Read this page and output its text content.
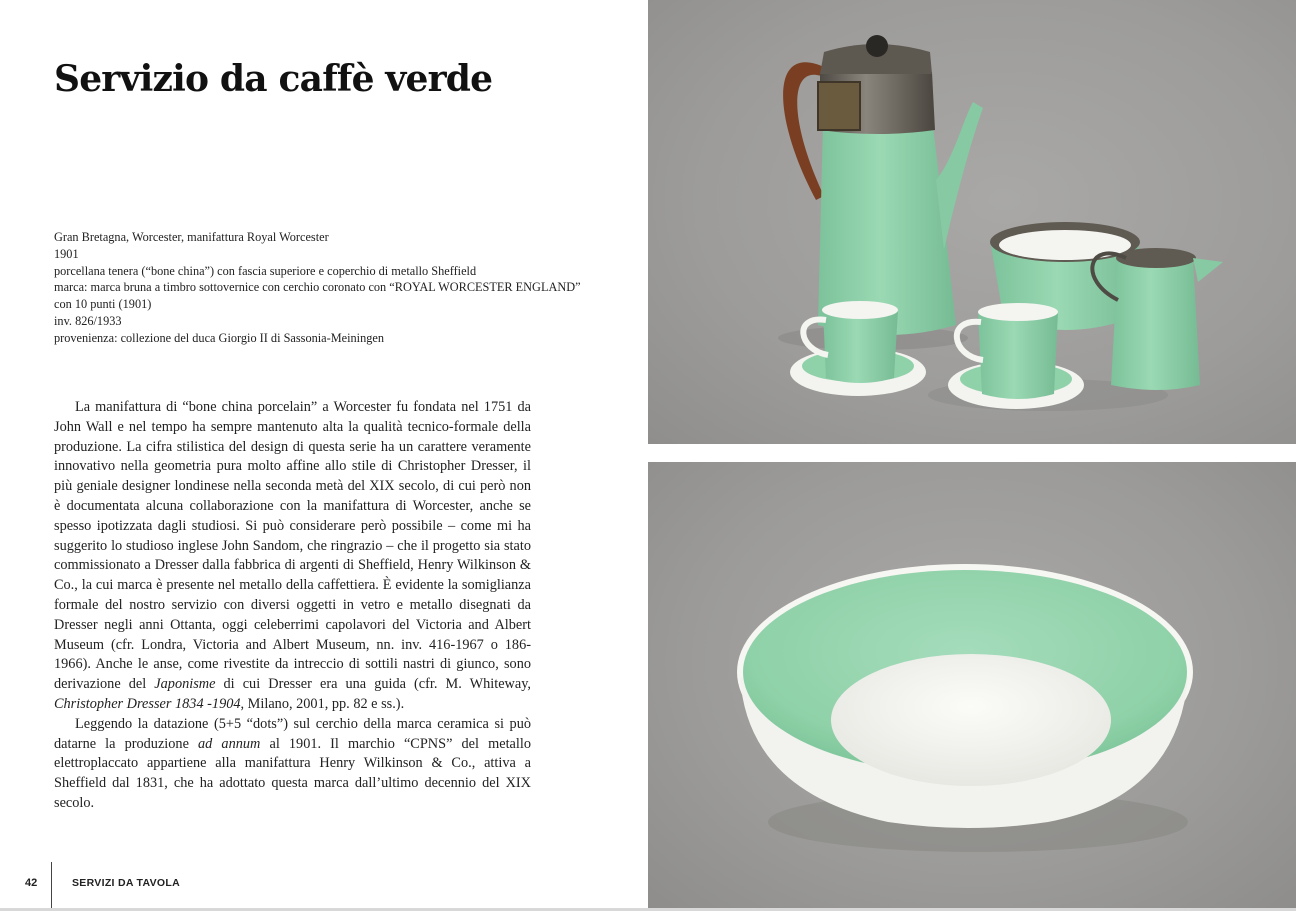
Servizio da caffè verde
Gran Bretagna, Worcester, manifattura Royal Worcester
1901
porcellana tenera (“bone china”) con fascia superiore e coperchio di metallo Sheffield
marca: marca bruna a timbro sottovernice con cerchio coronato con “ROYAL WORCESTER ENGLAND” con 10 punti (1901)
inv. 826/1933
provenienza: collezione del duca Giorgio II di Sassonia-Meiningen

La manifattura di “bone china porcelain” a Worcester fu fondata nel 1751 da John Wall e nel tempo ha sempre mantenuto alta la qualità tecnico-formale della produzione. La cifra stilistica del design di questa serie ha un carattere veramente innovativo nella geometria pura molto affine allo stile di Christopher Dresser, il più geniale designer londinese nella seconda metà del XIX secolo, di cui però non è documentata alcuna collaborazione con la manifattura di Worcester, anche se spesso ipotizzata dagli studiosi. Si può considerare però possibile – come mi ha suggerito lo studioso inglese John Sandom, che ringrazio – che il progetto sia stato commissionato a Dresser dalla fabbrica di argenti di Sheffield, Henry Wilkinson & Co., la cui marca è presente nel metallo della caffettiera. È evidente la somiglianza formale del nostro servizio con diversi oggetti in vetro e metallo disegnati da Dresser negli anni Ottanta, oggi celeberrimi capolavori del Victoria and Albert Museum (cfr. Londra, Victoria and Albert Museum, nn. inv. 416-1967 o 186-1966). Anche le anse, come rivestite da intreccio di sottili nastri di giunco, sono derivazione del Japonisme di cui Dresser era una guida (cfr. M. Whiteway, Christopher Dresser 1834 -1904, Milano, 2001, pp. 82 e ss.).

Leggendo la datazione (5+5 “dots”) sul cerchio della marca ceramica si può datarne la produzione ad annum al 1901. Il marchio “CPNS” del metallo elettroplaccato appartiene alla manifattura Henry Wilkinson & Co., attiva a Sheffield dal 1831, che ha adottato questa marca dall’ultimo decennio del XIX secolo.

42	SERVIZI DA TAVOLA
